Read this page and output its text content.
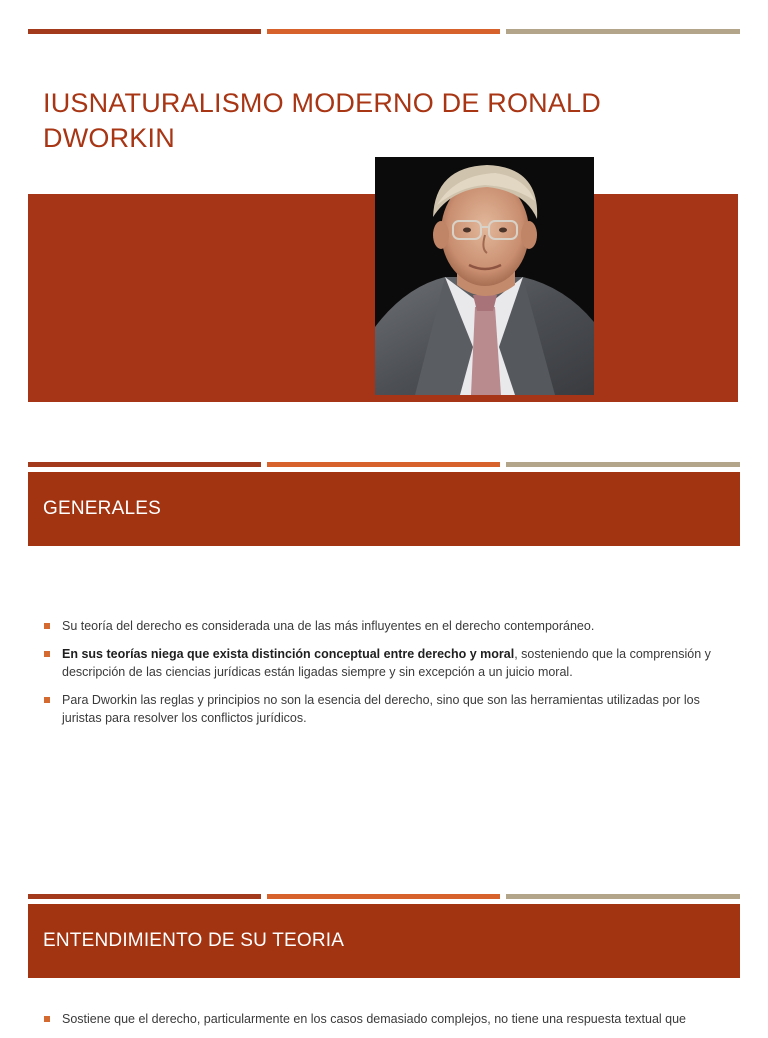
IUSNATURALISMO MODERNO DE RONALD DWORKIN
GENERALES
Su teoría del derecho es considerada una de las más influyentes en el derecho contemporáneo.
En sus teorías niega que exista distinción conceptual entre derecho y moral, sosteniendo que la comprensión y descripción de las ciencias jurídicas están ligadas siempre y sin excepción a un juicio moral.
Para Dworkin las reglas y principios no son la esencia del derecho, sino que son las herramientas utilizadas por los juristas para resolver los conflictos jurídicos.
ENTENDIMIENTO DE SU TEORIA
Sostiene que el derecho, particularmente en los casos demasiado complejos, no tiene una respuesta textual que
